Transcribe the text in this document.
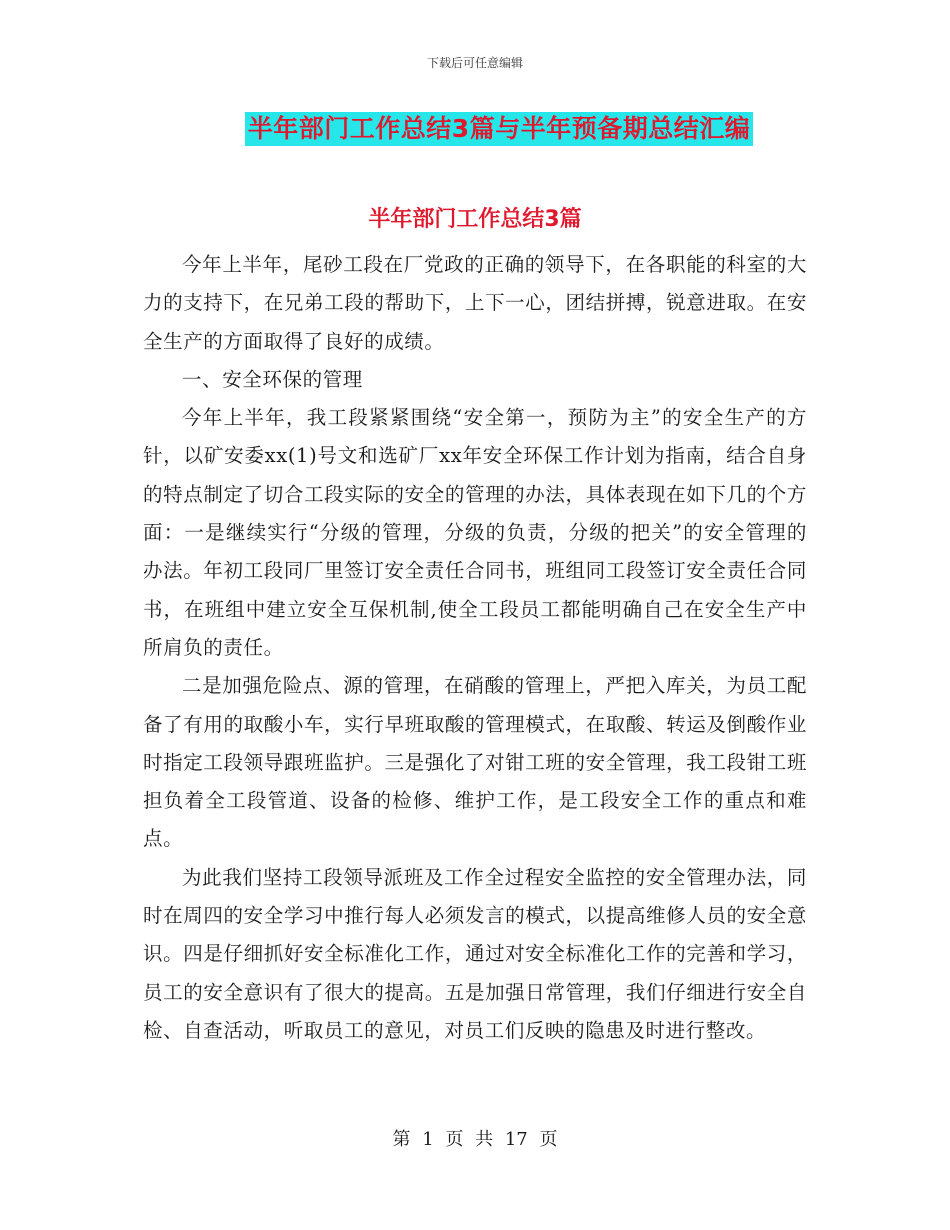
下载后可任意编辑
半年部门工作总结3篇与半年预备期总结汇编
半年部门工作总结3篇

今年上半年，尾砂工段在厂党政的正确的领导下，在各职能的科室的大力的支持下，在兄弟工段的帮助下，上下一心，团结拼搏，锐意进取。在安全生产的方面取得了良好的成绩。

一、安全环保的管理

今年上半年，我工段紧紧围绕“安全第一，预防为主”的安全生产的方针，以矿安委xx(1)号文和选矿厂xx年安全环保工作计划为指南，结合自身的特点制定了切合工段实际的安全的管理的办法，具体表现在如下几的个方面：一是继续实行“分级的管理，分级的负责，分级的把关”的安全管理的办法。年初工段同厂里签订安全责任合同书，班组同工段签订安全责任合同书，在班组中建立安全互保机制,使全工段员工都能明确自己在安全生产中所肩负的责任。

二是加强危险点、源的管理，在硝酸的管理上，严把入库关，为员工配备了有用的取酸小车，实行早班取酸的管理模式，在取酸、转运及倒酸作业时指定工段领导跟班监护。三是强化了对钳工班的安全管理，我工段钳工班担负着全工段管道、设备的检修、维护工作，是工段安全工作的重点和难点。

为此我们坚持工段领导派班及工作全过程安全监控的安全管理办法，同时在周四的安全学习中推行每人必须发言的模式，以提高维修人员的安全意识。四是仔细抓好安全标准化工作，通过对安全标准化工作的完善和学习，员工的安全意识有了很大的提高。五是加强日常管理，我们仔细进行安全自检、自查活动，听取员工的意见，对员工们反映的隐患及时进行整改。

第 1 页 共 17 页
